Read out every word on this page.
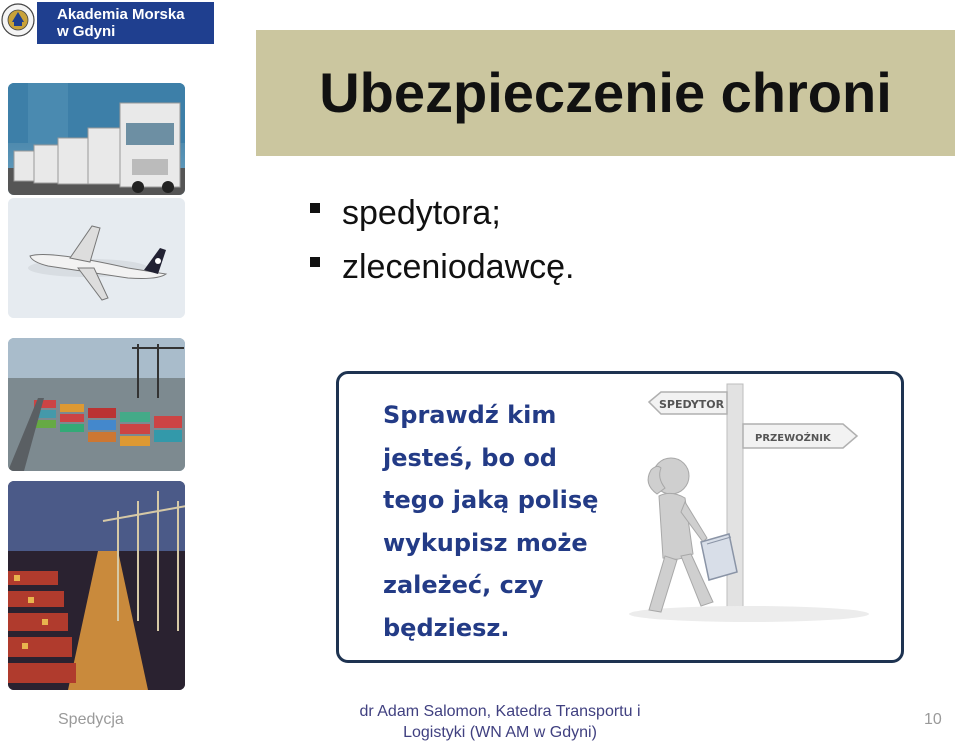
Akademia Morska
w Gdyni
Ubezpieczenie chroni
spedytora;
zleceniodawcę.
Sprawdź kim
jesteś, bo od
tego jaką polisę
wykupisz może
zależeć, czy
będziesz.
SPEDYTOR
PRZEWOŹNIK
Spedycja	dr Adam Salomon, Katedra Transportu i
Logistyki (WN AM w Gdyni)
10
